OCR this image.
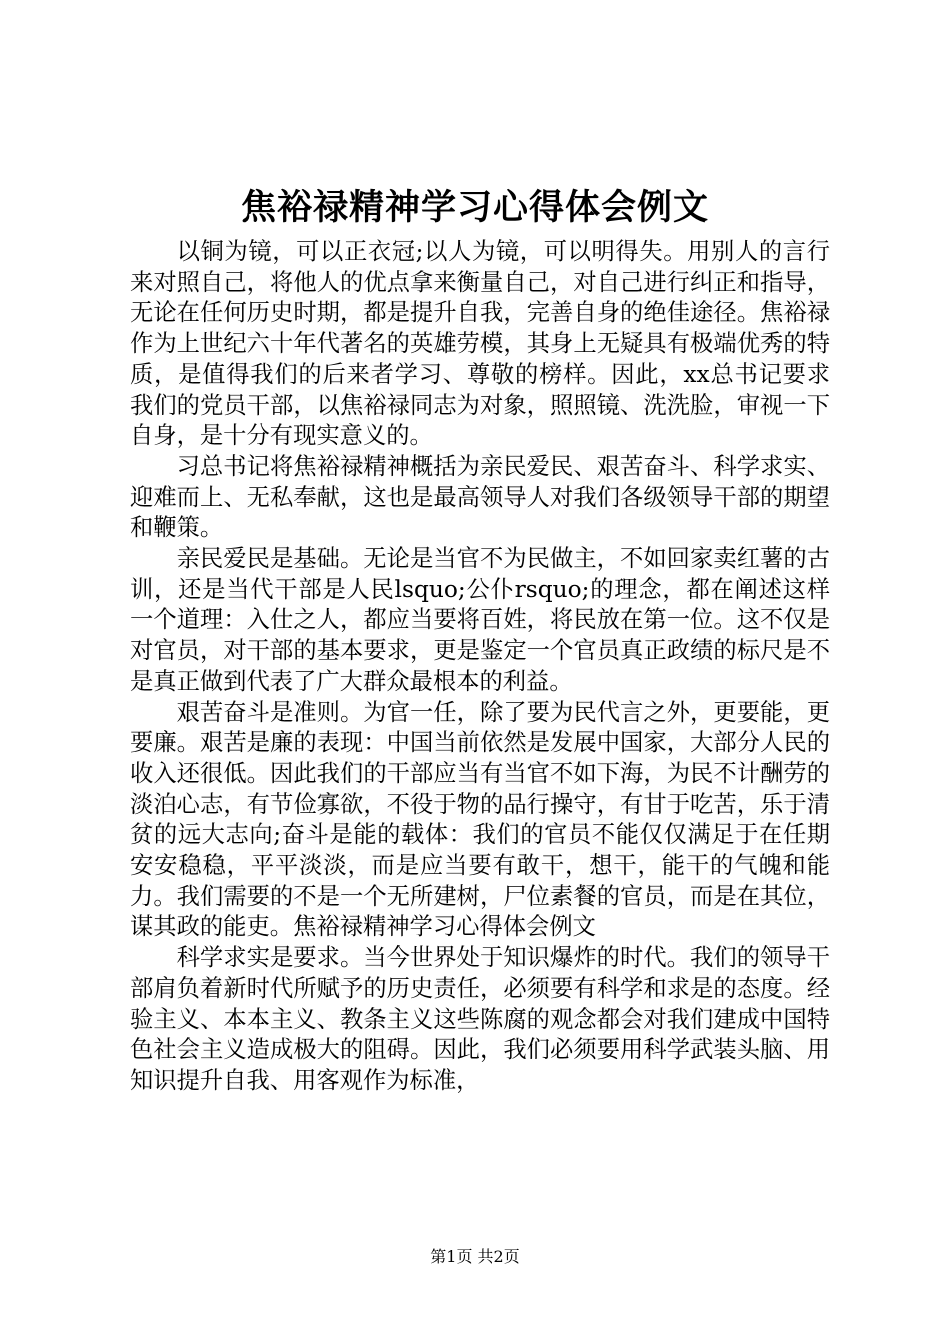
焦裕禄精神学习心得体会例文

以铜为镜，可以正衣冠;以人为镜，可以明得失。用别人的言行来对照自己，将他人的优点拿来衡量自己，对自己进行纠正和指导，无论在任何历史时期，都是提升自我，完善自身的绝佳途径。焦裕禄作为上世纪六十年代著名的英雄劳模，其身上无疑具有极端优秀的特质，是值得我们的后来者学习、尊敬的榜样。因此，xx总书记要求我们的党员干部，以焦裕禄同志为对象，照照镜、洗洗脸，审视一下自身，是十分有现实意义的。

习总书记将焦裕禄精神概括为亲民爱民、艰苦奋斗、科学求实、迎难而上、无私奉献，这也是最高领导人对我们各级领导干部的期望和鞭策。

亲民爱民是基础。无论是当官不为民做主，不如回家卖红薯的古训，还是当代干部是人民lsquo;公仆rsquo;的理念，都在阐述这样一个道理：入仕之人，都应当要将百姓，将民放在第一位。这不仅是对官员，对干部的基本要求，更是鉴定一个官员真正政绩的标尺是不是真正做到代表了广大群众最根本的利益。

艰苦奋斗是准则。为官一任，除了要为民代言之外，更要能，更要廉。艰苦是廉的表现：中国当前依然是发展中国家，大部分人民的收入还很低。因此我们的干部应当有当官不如下海，为民不计酬劳的淡泊心志，有节俭寡欲，不役于物的品行操守，有甘于吃苦，乐于清贫的远大志向;奋斗是能的载体：我们的官员不能仅仅满足于在任期安安稳稳，平平淡淡，而是应当要有敢干，想干，能干的气魄和能力。我们需要的不是一个无所建树，尸位素餐的官员，而是在其位，谋其政的能吏。焦裕禄精神学习心得体会例文

科学求实是要求。当今世界处于知识爆炸的时代。我们的领导干部肩负着新时代所赋予的历史责任，必须要有科学和求是的态度。经验主义、本本主义、教条主义这些陈腐的观念都会对我们建成中国特色社会主义造成极大的阻碍。因此，我们必须要用科学武装头脑、用知识提升自我、用客观作为标准，

第1页 共2页
